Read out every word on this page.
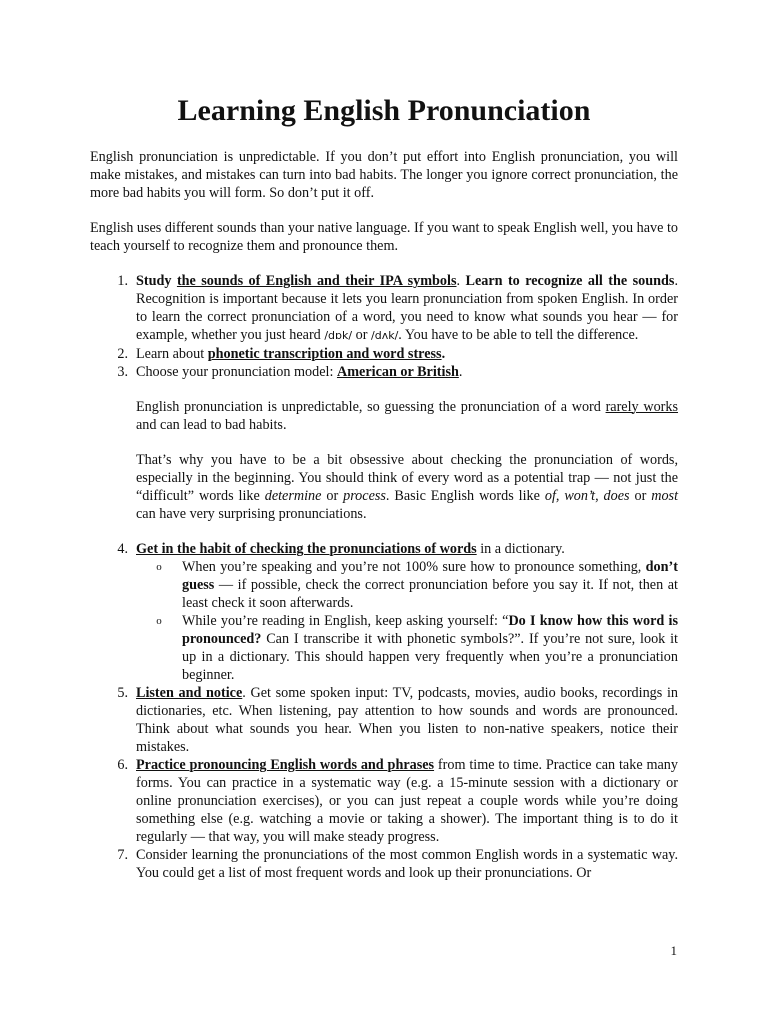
Learning English Pronunciation

English pronunciation is unpredictable. If you don’t put effort into English pronunciation, you will make mistakes, and mistakes can turn into bad habits. The longer you ignore correct pronunciation, the more bad habits you will form. So don’t put it off.

English uses different sounds than your native language. If you want to speak English well, you have to teach yourself to recognize them and pronounce them.

1. Study the sounds of English and their IPA symbols. Learn to recognize all the sounds. Recognition is important because it lets you learn pronunciation from spoken English. In order to learn the correct pronunciation of a word, you need to know what sounds you hear — for example, whether you just heard /dɒk/ or /dʌk/. You have to be able to tell the difference.
2. Learn about phonetic transcription and word stress.
3. Choose your pronunciation model: American or British.

English pronunciation is unpredictable, so guessing the pronunciation of a word rarely works and can lead to bad habits.

That’s why you have to be a bit obsessive about checking the pronunciation of words, especially in the beginning. You should think of every word as a potential trap — not just the “difficult” words like determine or process. Basic English words like of, won’t, does or most can have very surprising pronunciations.

4. Get in the habit of checking the pronunciations of words in a dictionary.
o	When you’re speaking and you’re not 100% sure how to pronounce something, don’t guess — if possible, check the correct pronunciation before you say it. If not, then at least check it soon afterwards.
o	While you’re reading in English, keep asking yourself: “Do I know how this word is pronounced? Can I transcribe it with phonetic symbols?”. If you’re not sure, look it up in a dictionary. This should happen very frequently when you’re a pronunciation beginner.
5. Listen and notice. Get some spoken input: TV, podcasts, movies, audio books, recordings in dictionaries, etc. When listening, pay attention to how sounds and words are pronounced. Think about what sounds you hear. When you listen to non-native speakers, notice their mistakes.
6. Practice pronouncing English words and phrases from time to time. Practice can take many forms. You can practice in a systematic way (e.g. a 15-minute session with a dictionary or online pronunciation exercises), or you can just repeat a couple words while you’re doing something else (e.g. watching a movie or taking a shower). The important thing is to do it regularly — that way, you will make steady progress.
7. Consider learning the pronunciations of the most common English words in a systematic way. You could get a list of most frequent words and look up their pronunciations. Or
1
